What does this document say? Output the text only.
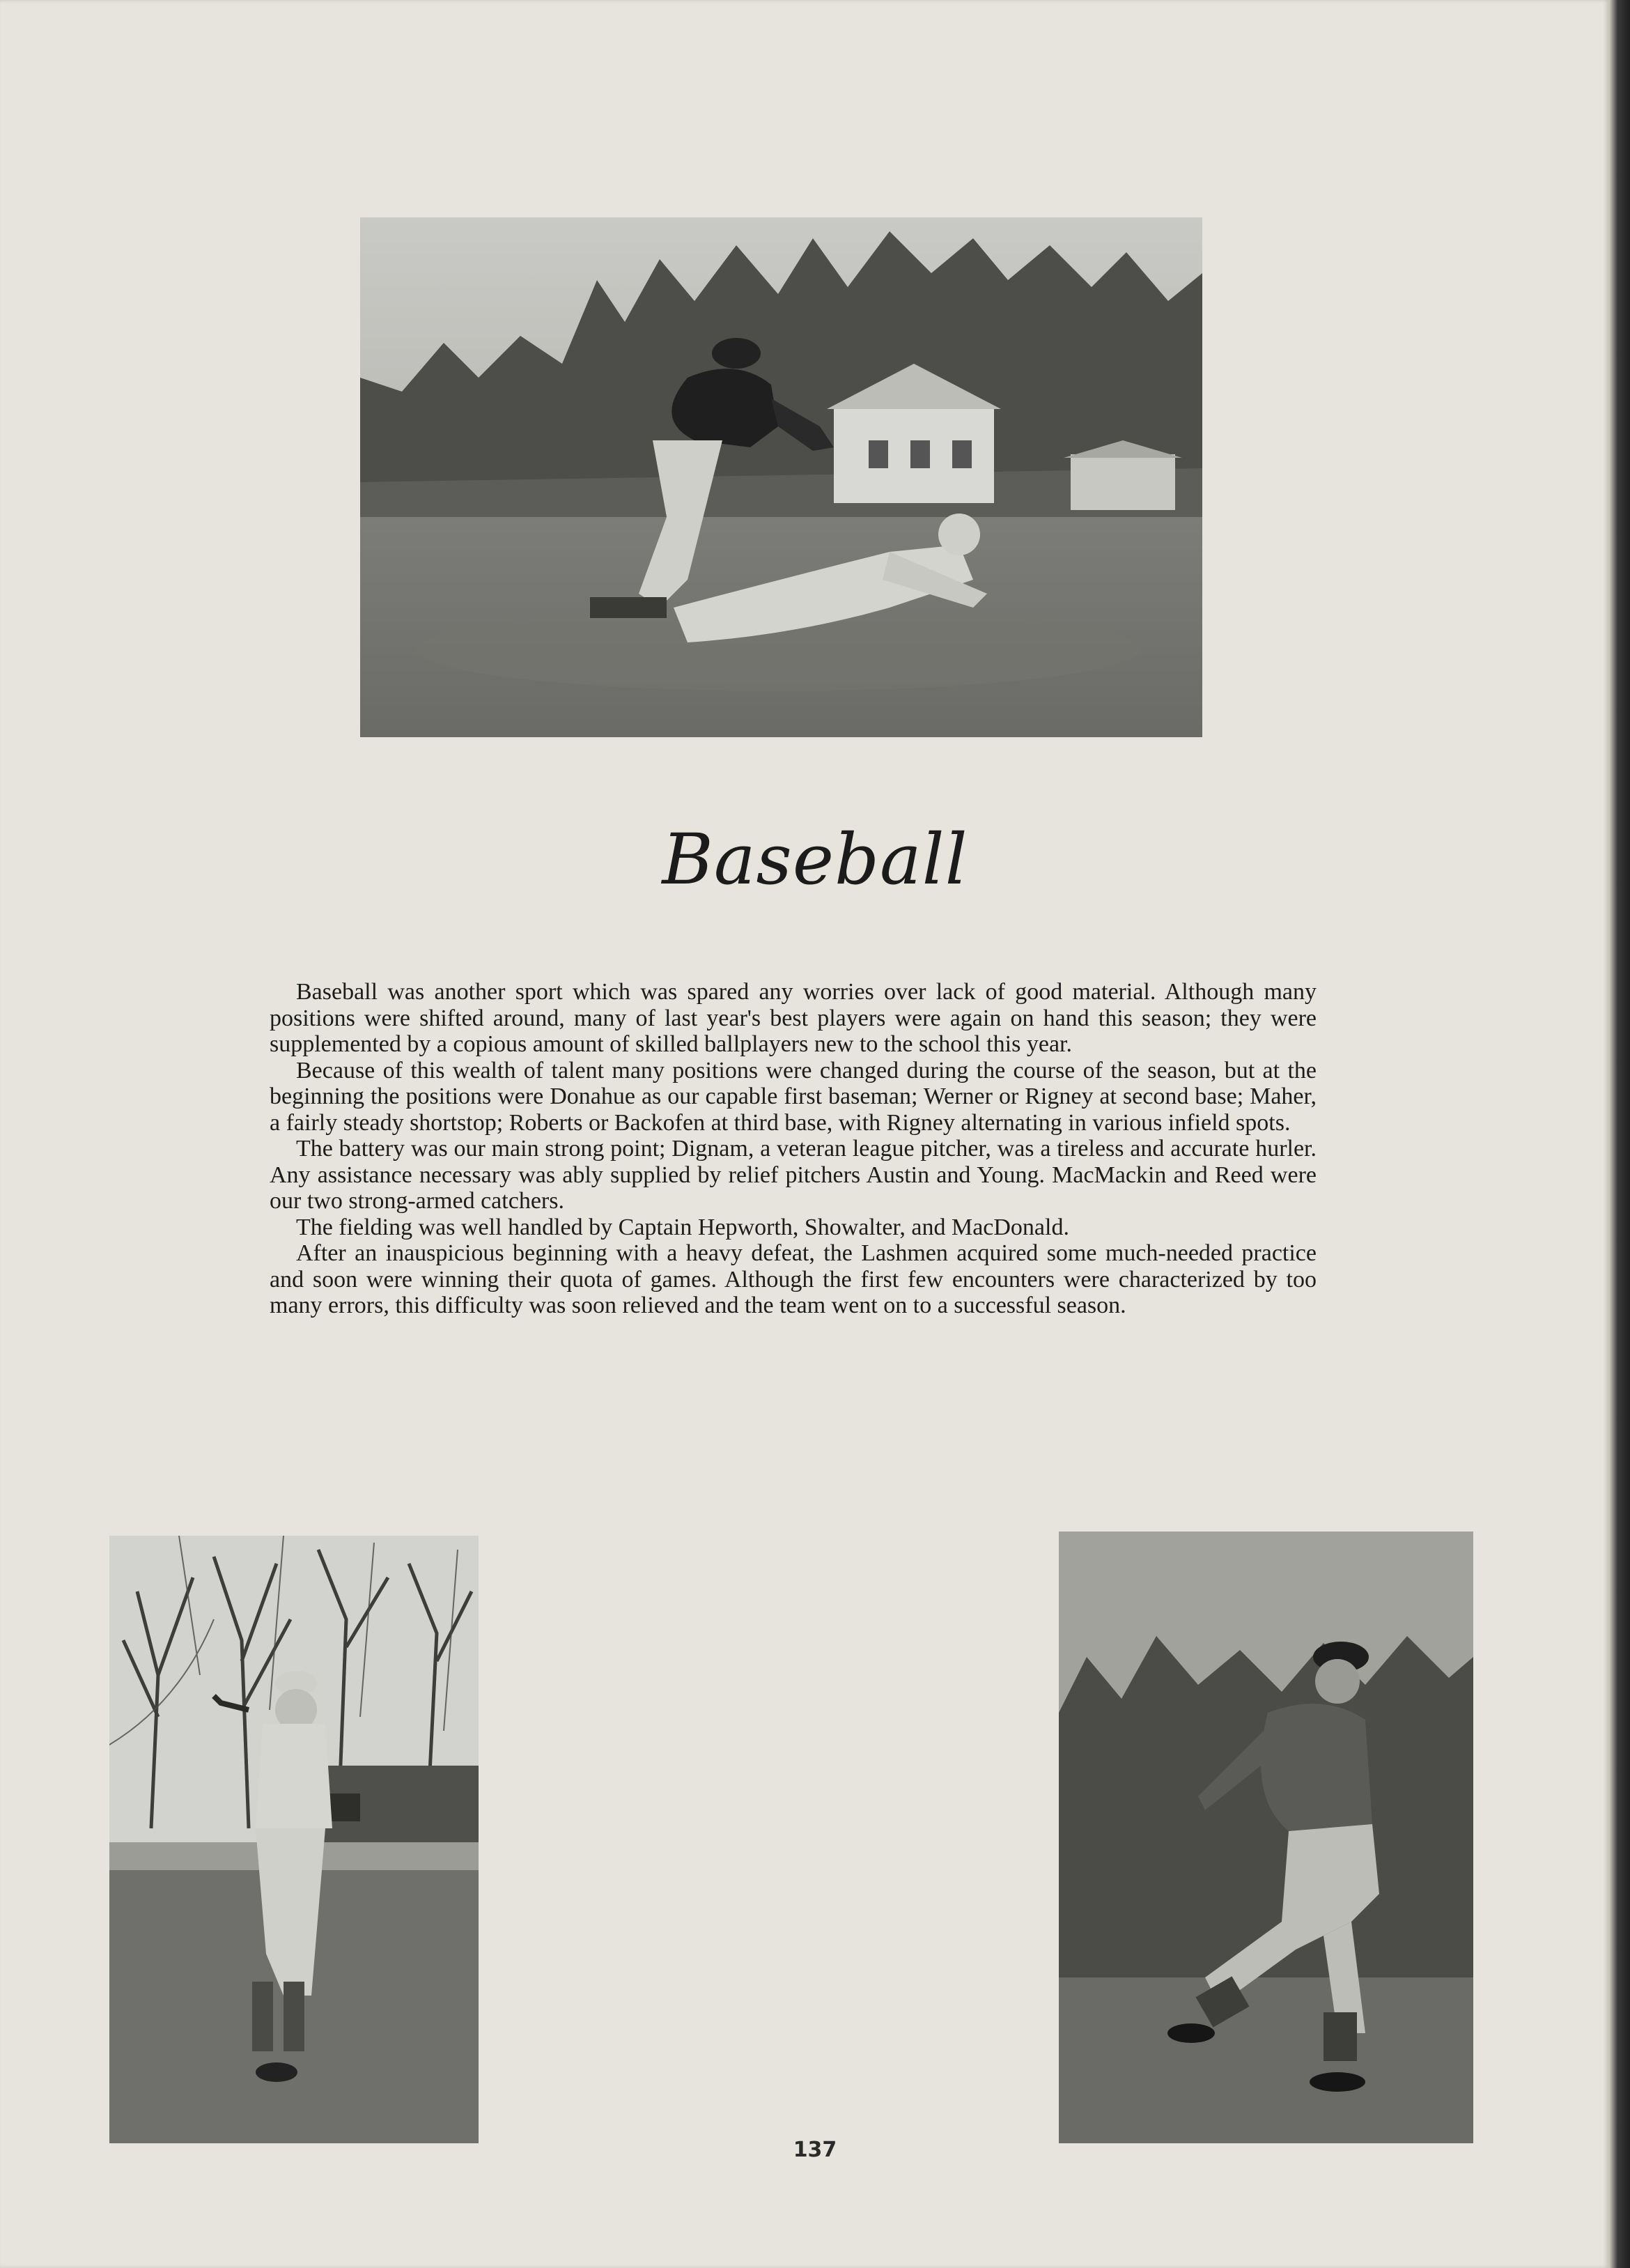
Baseball

Baseball was another sport which was spared any worries over lack of good material. Although many positions were shifted around, many of last year's best players were again on hand this season; they were supplemented by a copious amount of skilled ballplayers new to the school this year.

Because of this wealth of talent many positions were changed during the course of the season, but at the beginning the positions were Donahue as our capable first baseman; Werner or Rigney at second base; Maher, a fairly steady shortstop; Roberts or Backofen at third base, with Rigney alternating in various infield spots.

The battery was our main strong point; Dignam, a veteran league pitcher, was a tireless and accurate hurler. Any assistance necessary was ably supplied by relief pitchers Austin and Young. MacMackin and Reed were our two strong-armed catchers.

The fielding was well handled by Captain Hepworth, Showalter, and MacDonald.

After an inauspicious beginning with a heavy defeat, the Lashmen acquired some much-needed practice and soon were winning their quota of games. Although the first few encounters were characterized by too many errors, this difficulty was soon relieved and the team went on to a successful season.

137
